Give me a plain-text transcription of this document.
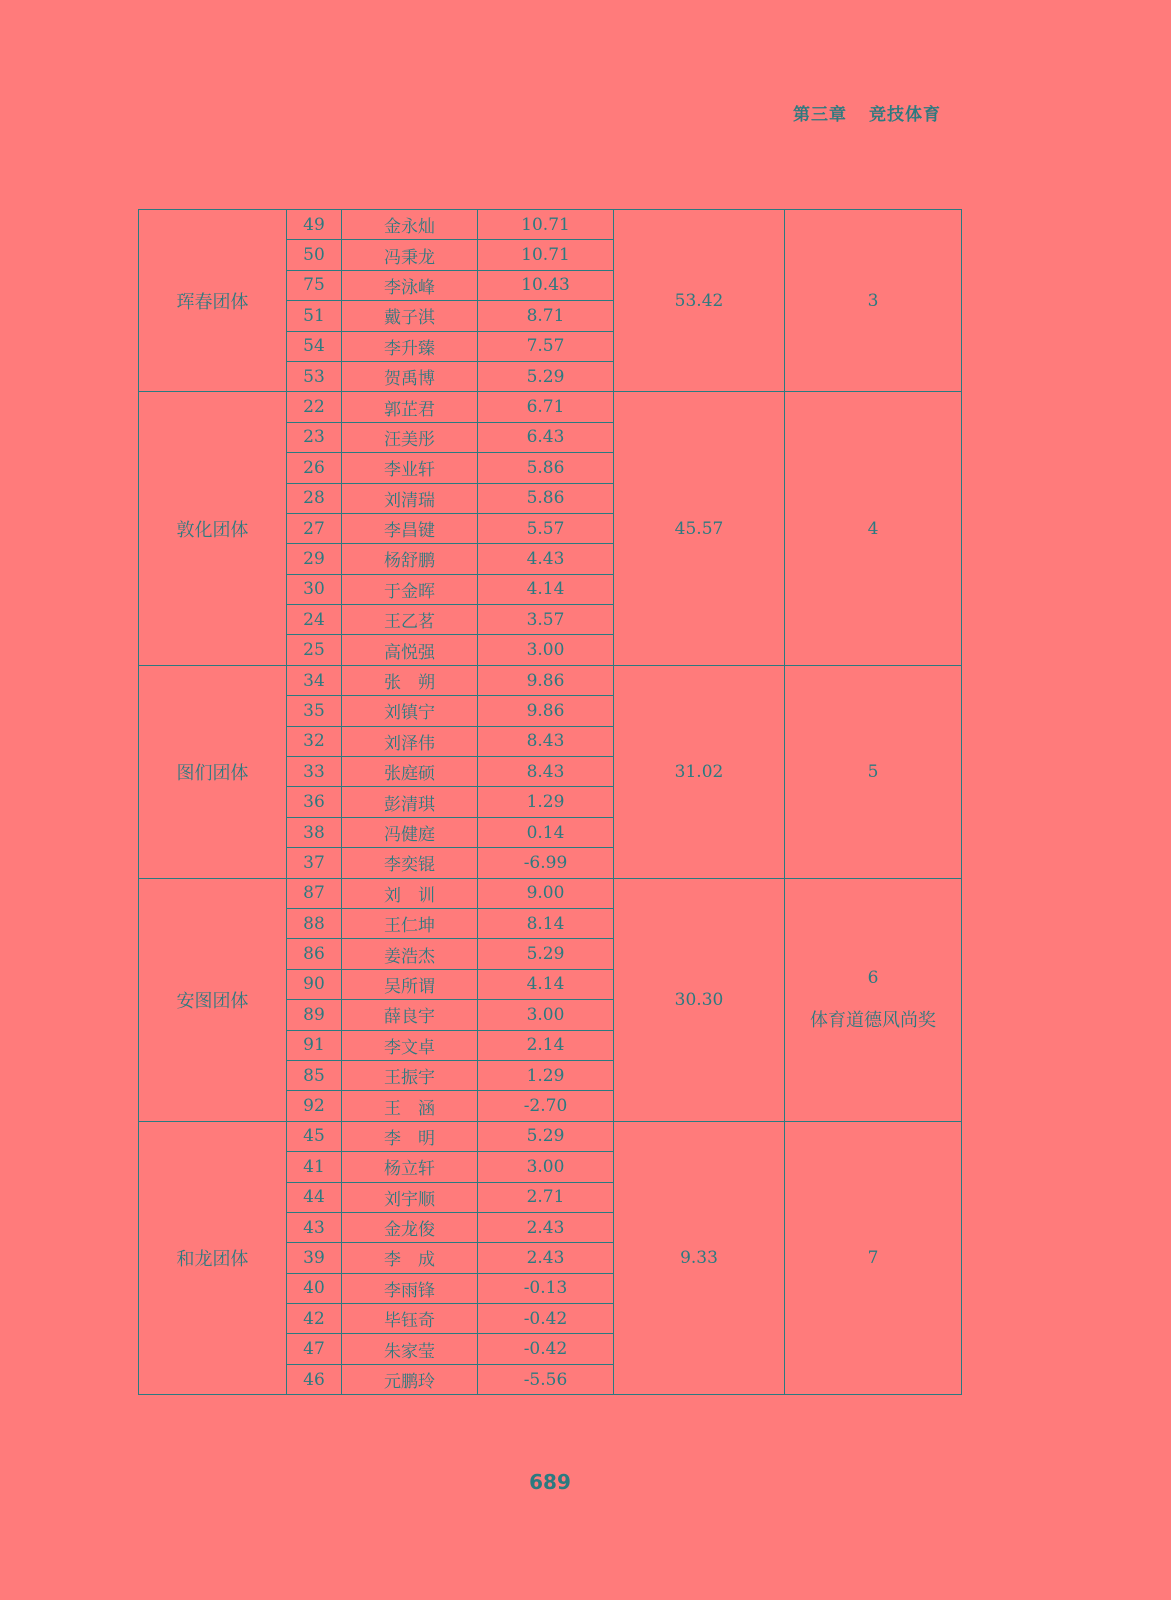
第三章 竞技体育
珲春团体	49	金永灿	10.71	53.42	3
	50	冯秉龙	10.71		
	75	李泳峰	10.43		
	51	戴子淇	8.71		
	54	李升臻	7.57		
	53	贺禹博	5.29		
敦化团体	22	郭芷君	6.71	45.57	4
	23	汪美彤	6.43		
	26	李业轩	5.86		
	28	刘清瑞	5.86		
	27	李昌键	5.57		
	29	杨舒鹏	4.43		
	30	于金晖	4.14		
	24	王乙茗	3.57		
	25	高悦强	3.00		
图们团体	34	张　朔	9.86	31.02	5
	35	刘镇宁	9.86		
	32	刘泽伟	8.43		
	33	张庭硕	8.43		
	36	彭清琪	1.29		
	38	冯健庭	0.14		
	37	李奕锟	-6.99		
安图团体	87	刘　训	9.00	30.30	6
体育道德风尚奖

	88	王仁坤	8.14		
	86	姜浩杰	5.29		
	90	吴所谓	4.14		
	89	薛良宇	3.00		
	91	李文卓	2.14		
	85	王振宇	1.29		
	92	王　涵	-2.70		
和龙团体	45	李　明	5.29	9.33	7
	41	杨立轩	3.00		
	44	刘宇顺	2.71		
	43	金龙俊	2.43		
	39	李　成	2.43		
	40	李雨锋	-0.13		
	42	毕钰奇	-0.42		
	47	朱家莹	-0.42		
	46	元鹏玲	-5.56		
689
